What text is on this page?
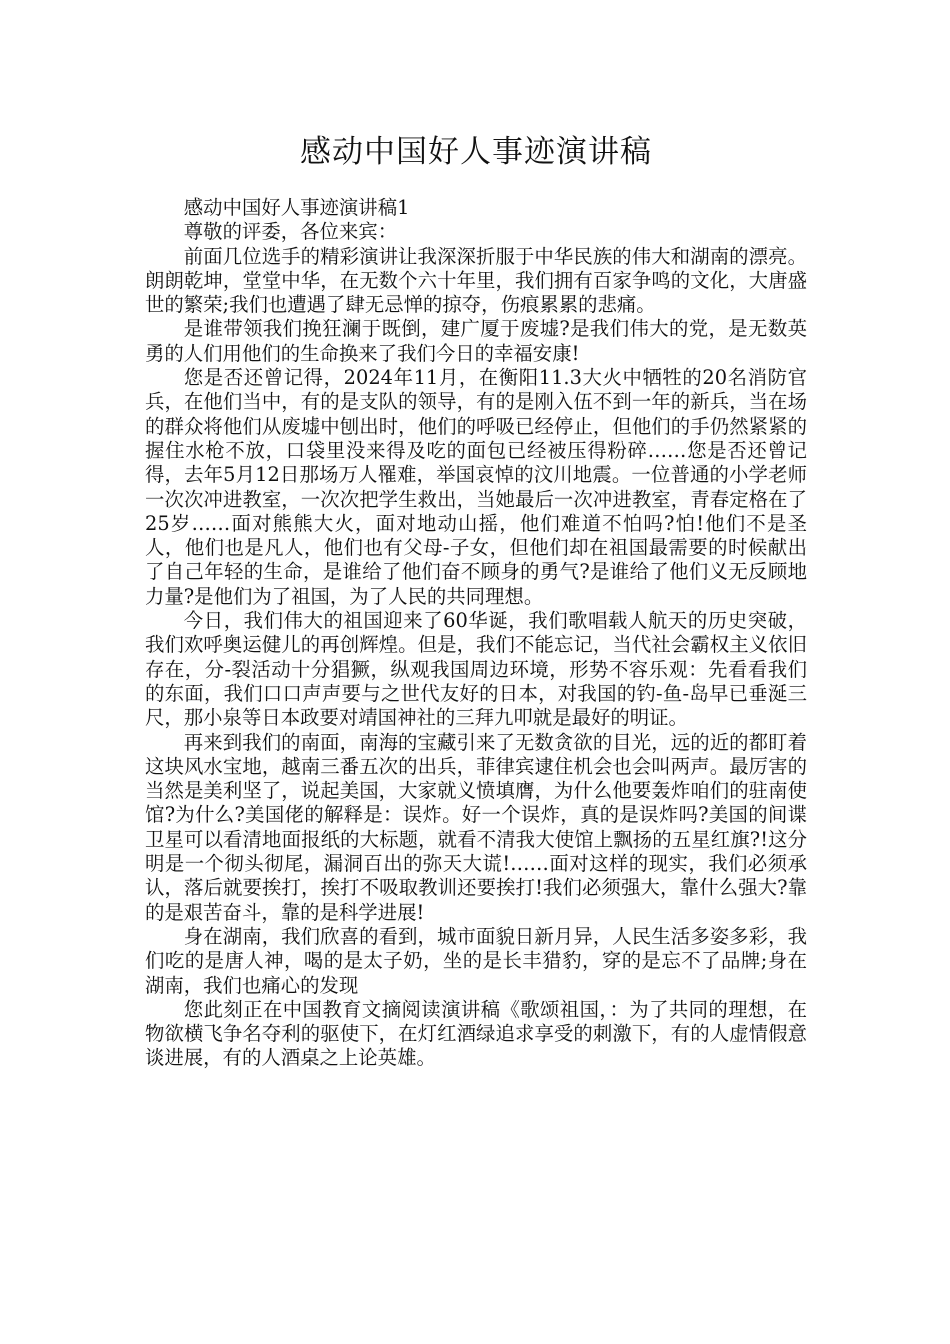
感动中国好人事迹演讲稿

感动中国好人事迹演讲稿1

尊敬的评委，各位来宾：

前面几位选手的精彩演讲让我深深折服于中华民族的伟大和湖南的漂亮。朗朗乾坤，堂堂中华，在无数个六十年里，我们拥有百家争鸣的文化，大唐盛世的繁荣;我们也遭遇了肆无忌惮的掠夺，伤痕累累的悲痛。

是谁带领我们挽狂澜于既倒，建广厦于废墟?是我们伟大的党，是无数英勇的人们用他们的生命换来了我们今日的幸福安康!

您是否还曾记得，2024年11月，在衡阳11.3大火中牺牲的20名消防官兵，在他们当中，有的是支队的领导，有的是刚入伍不到一年的新兵，当在场的群众将他们从废墟中刨出时，他们的呼吸已经停止，但他们的手仍然紧紧的握住水枪不放，口袋里没来得及吃的面包已经被压得粉碎……您是否还曾记得，去年5月12日那场万人罹难，举国哀悼的汶川地震。一位普通的小学老师一次次冲进教室，一次次把学生救出，当她最后一次冲进教室，青春定格在了25岁……面对熊熊大火，面对地动山摇，他们难道不怕吗?怕!他们不是圣人，他们也是凡人，他们也有父母-子女，但他们却在祖国最需要的时候献出了自己年轻的生命，是谁给了他们奋不顾身的勇气?是谁给了他们义无反顾地力量?是他们为了祖国，为了人民的共同理想。

今日，我们伟大的祖国迎来了60华诞，我们歌唱载人航天的历史突破，我们欢呼奥运健儿的再创辉煌。但是，我们不能忘记，当代社会霸权主义依旧存在，分-裂活动十分猖獗，纵观我国周边环境，形势不容乐观：先看看我们的东面，我们口口声声要与之世代友好的日本，对我国的钓-鱼-岛早已垂涎三尺，那小泉等日本政要对靖国神社的三拜九叩就是最好的明证。

再来到我们的南面，南海的宝藏引来了无数贪欲的目光，远的近的都盯着这块风水宝地，越南三番五次的出兵，菲律宾逮住机会也会叫两声。最厉害的当然是美利坚了，说起美国，大家就义愤填膺，为什么他要轰炸咱们的驻南使馆?为什么?美国佬的解释是：误炸。好一个误炸，真的是误炸吗?美国的间谍卫星可以看清地面报纸的大标题，就看不清我大使馆上飘扬的五星红旗?!这分明是一个彻头彻尾，漏洞百出的弥天大谎!……面对这样的现实，我们必须承认，落后就要挨打，挨打不吸取教训还要挨打!我们必须强大，靠什么强大?靠的是艰苦奋斗，靠的是科学进展!

身在湖南，我们欣喜的看到，城市面貌日新月异，人民生活多姿多彩，我们吃的是唐人神，喝的是太子奶，坐的是长丰猎豹，穿的是忘不了品牌;身在湖南，我们也痛心的发现

您此刻正在中国教育文摘阅读演讲稿《歌颂祖国，：为了共同的理想，在物欲横飞争名夺利的驱使下，在灯红酒绿追求享受的刺激下，有的人虚情假意谈进展，有的人酒桌之上论英雄。
